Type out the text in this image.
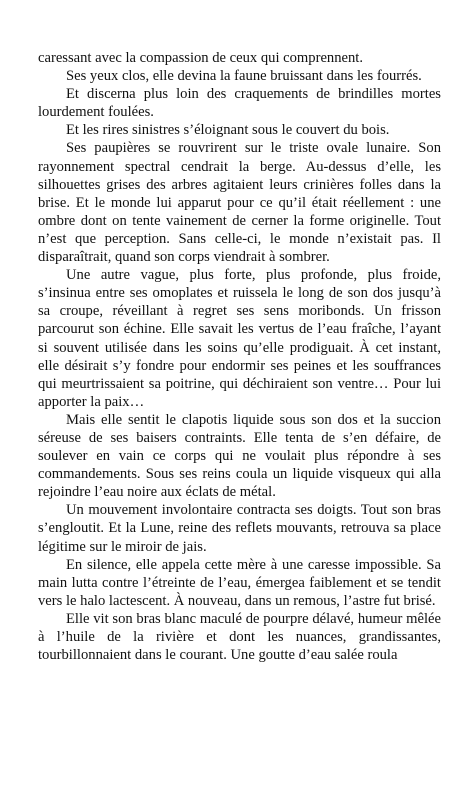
caressant avec la compassion de ceux qui comprennent.

Ses yeux clos, elle devina la faune bruissant dans les fourrés.

Et discerna plus loin des craquements de brindilles mortes lourdement foulées.

Et les rires sinistres s’éloignant sous le couvert du bois.

Ses paupières se rouvrirent sur le triste ovale lunaire. Son rayonnement spectral cendrait la berge. Au-dessus d’elle, les silhouettes grises des arbres agitaient leurs crinières folles dans la brise. Et le monde lui apparut pour ce qu’il était réellement : une ombre dont on tente vainement de cerner la forme originelle. Tout n’est que perception. Sans celle-ci, le monde n’existait pas. Il disparaîtrait, quand son corps viendrait à sombrer.

Une autre vague, plus forte, plus profonde, plus froide, s’insinua entre ses omoplates et ruissela le long de son dos jusqu’à sa croupe, réveillant à regret ses sens moribonds. Un frisson parcourut son échine. Elle savait les vertus de l’eau fraîche, l’ayant si souvent utilisée dans les soins qu’elle prodiguait. À cet instant, elle désirait s’y fondre pour endormir ses peines et les souffrances qui meurtrissaient sa poitrine, qui déchiraient son ventre… Pour lui apporter la paix…

Mais elle sentit le clapotis liquide sous son dos et la succion séreuse de ses baisers contraints. Elle tenta de s’en défaire, de soulever en vain ce corps qui ne voulait plus répondre à ses commandements. Sous ses reins coula un liquide visqueux qui alla rejoindre l’eau noire aux éclats de métal.

Un mouvement involontaire contracta ses doigts. Tout son bras s’engloutit. Et la Lune, reine des reflets mouvants, retrouva sa place légitime sur le miroir de jais.

En silence, elle appela cette mère à une caresse impossible. Sa main lutta contre l’étreinte de l’eau, émergea faiblement et se tendit vers le halo lactescent. À nouveau, dans un remous, l’astre fut brisé.

Elle vit son bras blanc maculé de pourpre délavé, humeur mêlée à l’huile de la rivière et dont les nuances, grandissantes, tourbillonnaient dans le courant. Une goutte d’eau salée roula
